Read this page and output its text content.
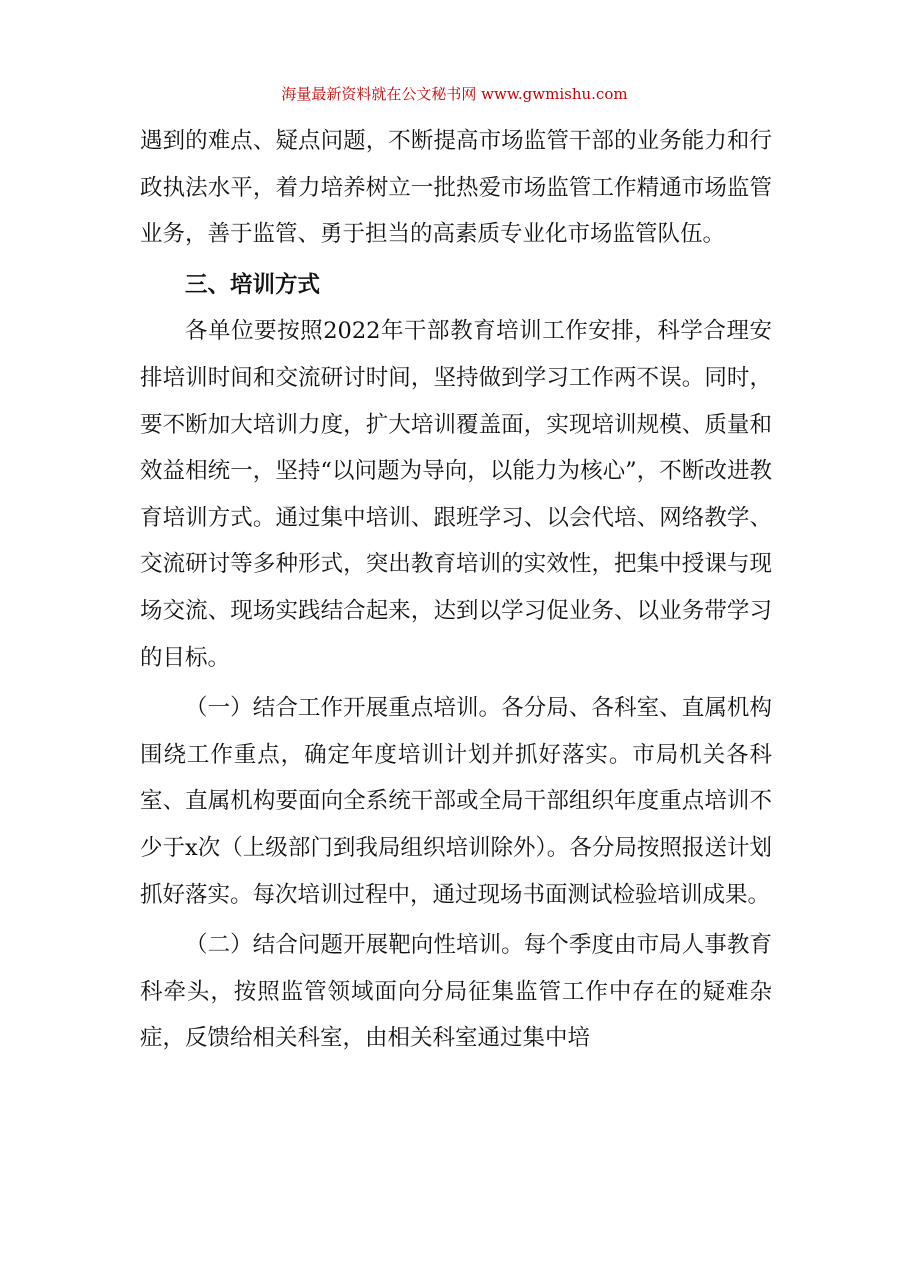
海量最新资料就在公文秘书网 www.gwmishu.com

遇到的难点、疑点问题，不断提高市场监管干部的业务能力和行政执法水平，着力培养树立一批热爱市场监管工作精通市场监管业务，善于监管、勇于担当的高素质专业化市场监管队伍。

三、培训方式

各单位要按照2022年干部教育培训工作安排，科学合理安排培训时间和交流研讨时间，坚持做到学习工作两不误。同时，要不断加大培训力度，扩大培训覆盖面，实现培训规模、质量和效益相统一，坚持“以问题为导向，以能力为核心”，不断改进教育培训方式。通过集中培训、跟班学习、以会代培、网络教学、交流研讨等多种形式，突出教育培训的实效性，把集中授课与现场交流、现场实践结合起来，达到以学习促业务、以业务带学习的目标。

（一）结合工作开展重点培训。各分局、各科室、直属机构围绕工作重点，确定年度培训计划并抓好落实。市局机关各科室、直属机构要面向全系统干部或全局干部组织年度重点培训不少于x次（上级部门到我局组织培训除外）。各分局按照报送计划抓好落实。每次培训过程中，通过现场书面测试检验培训成果。

（二）结合问题开展靶向性培训。每个季度由市局人事教育科牵头，按照监管领域面向分局征集监管工作中存在的疑难杂症，反馈给相关科室，由相关科室通过集中培
